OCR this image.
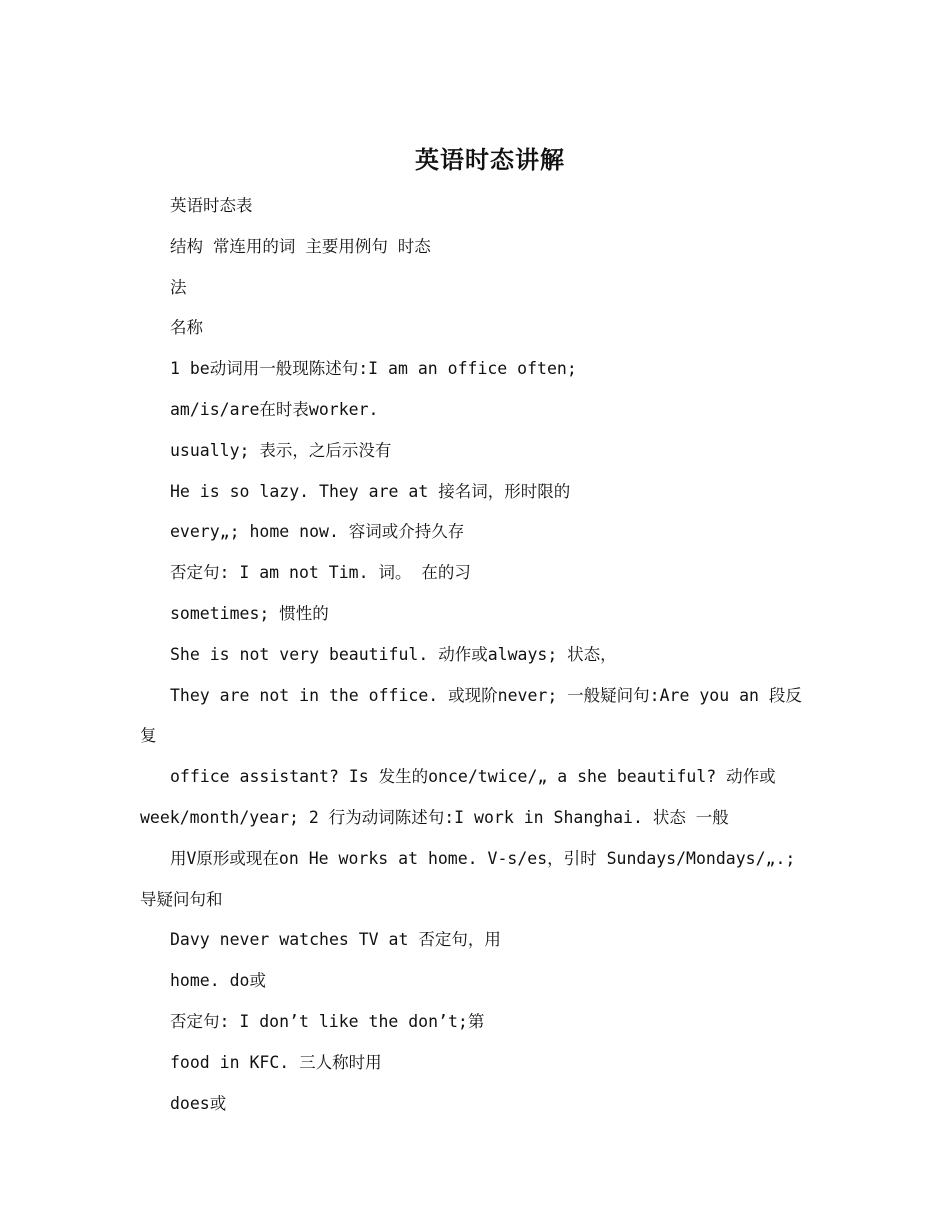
英语时态讲解
英语时态表
结构 常连用的词 主要用例句 时态
法
名称
1 be动词用一般现陈述句:I am an office often;
am/is/are在时表worker.
usually; 表示，之后示没有
He is so lazy. They are at 接名词，形时限的
every„; home now. 容词或介持久存
否定句: I am not Tim. 词。 在的习
sometimes; 惯性的
She is not very beautiful. 动作或always; 状态，
They are not in the office. 或现阶never; 一般疑问句:Are you an 段反
复
office assistant? Is 发生的once/twice/„ a she beautiful? 动作或
week/month/year; 2 行为动词陈述句:I work in Shanghai. 状态 一般
用V原形或现在on He works at home. V-s/es，引时 Sundays/Mondays/„.;
导疑问句和
Davy never watches TV at 否定句，用
home. do或
否定句: I don’t like the don’t;第
food in KFC. 三人称时用
does或
